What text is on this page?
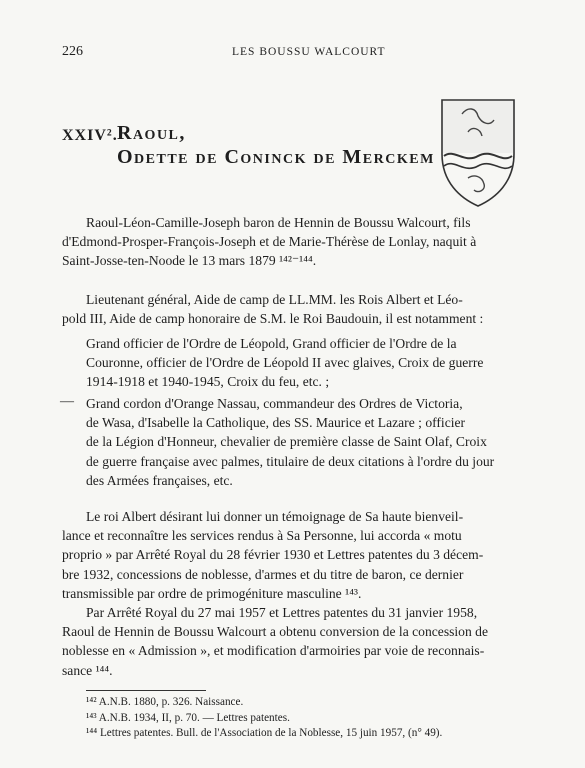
226	LES BOUSSU WALCOURT
XXIV². Raoul,
Odette de Coninck de Merckem
Raoul-Léon-Camille-Joseph baron de Hennin de Boussu Walcourt, fils
d'Edmond-Prosper-François-Joseph et de Marie-Thérèse de Lonlay, naquit à
Saint-Josse-ten-Noode le 13 mars 1879 ¹⁴²⁻¹⁴⁴.
Lieutenant général, Aide de camp de LL.MM. les Rois Albert et Léo-
pold III, Aide de camp honoraire de S.M. le Roi Baudouin, il est notamment :
Grand officier de l'Ordre de Léopold, Grand officier de l'Ordre de la
Couronne, officier de l'Ordre de Léopold II avec glaives, Croix de guerre
1914-1918 et 1940-1945, Croix du feu, etc. ;
— Grand cordon d'Orange Nassau, commandeur des Ordres de Victoria,
de Wasa, d'Isabelle la Catholique, des SS. Maurice et Lazare ; officier
de la Légion d'Honneur, chevalier de première classe de Saint Olaf, Croix
de guerre française avec palmes, titulaire de deux citations à l'ordre du jour
des Armées françaises, etc.
Le roi Albert désirant lui donner un témoignage de Sa haute bienveil-
lance et reconnaître les services rendus à Sa Personne, lui accorda « motu
proprio » par Arrêté Royal du 28 février 1930 et Lettres patentes du 3 décem-
bre 1932, concessions de noblesse, d'armes et du titre de baron, ce dernier
transmissible par ordre de primogéniture masculine ¹⁴³.
Par Arrêté Royal du 27 mai 1957 et Lettres patentes du 31 janvier 1958,
Raoul de Hennin de Boussu Walcourt a obtenu conversion de la concession de
noblesse en « Admission », et modification d'armoiries par voie de reconnais-
sance ¹⁴⁴.
¹⁴² A.N.B. 1880, p. 326. Naissance.
¹⁴³ A.N.B. 1934, II, p. 70. — Lettres patentes.
¹⁴⁴ Lettres patentes. Bull. de l'Association de la Noblesse, 15 juin 1957, (n° 49).
